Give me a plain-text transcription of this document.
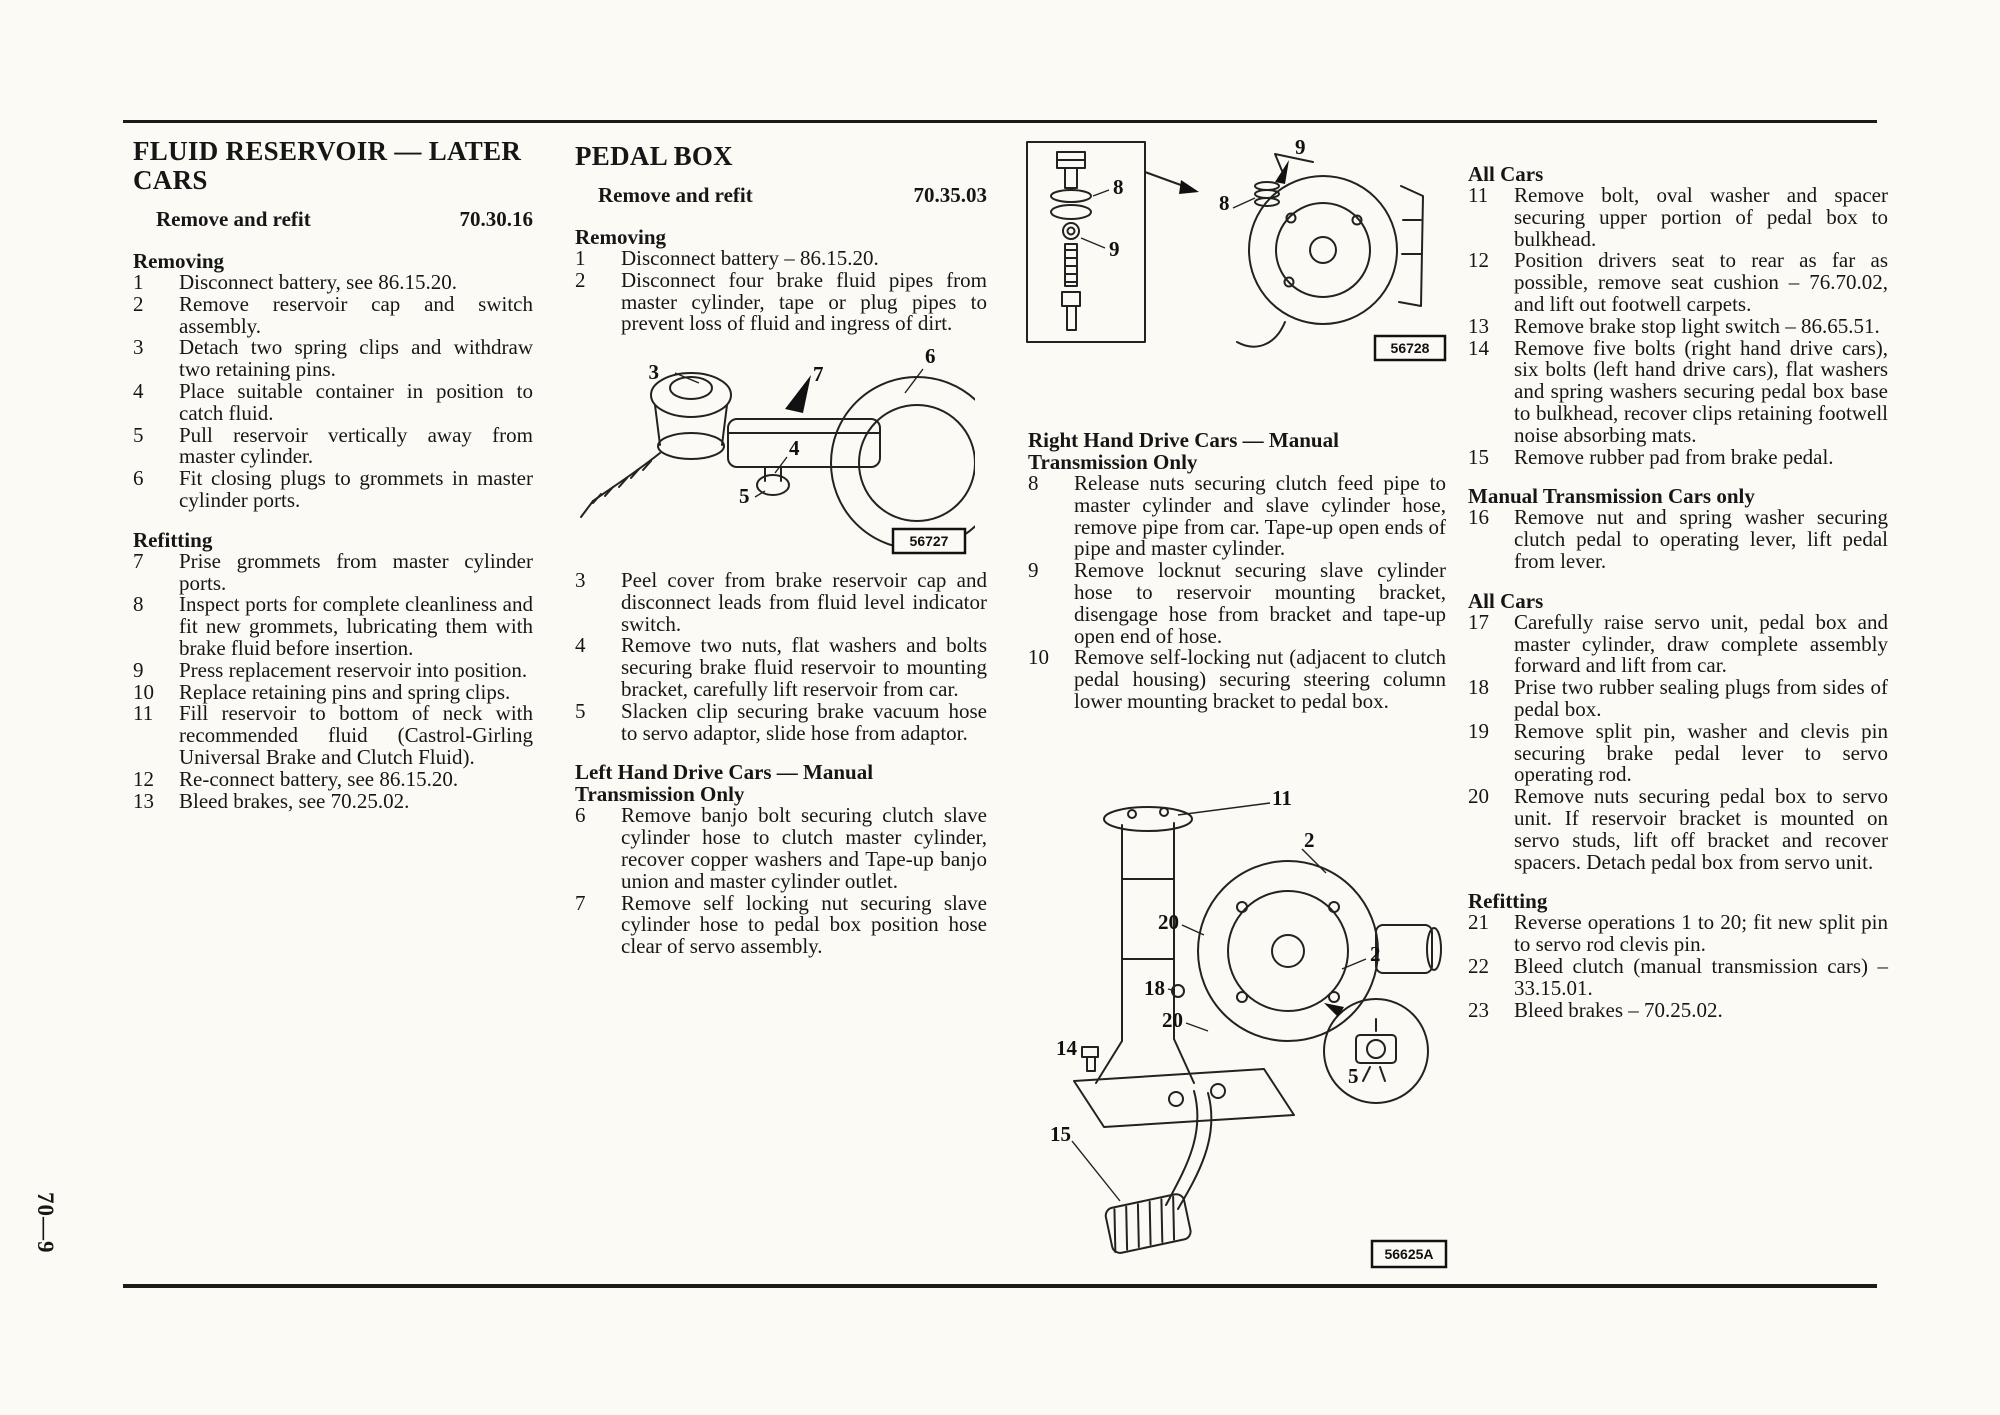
FLUID RESERVOIR — LATER CARS
Remove and refit	70.30.16
Removing
1	Disconnect battery, see 86.15.20.
2	Remove reservoir cap and switch assembly.
3	Detach two spring clips and withdraw two retaining pins.
4	Place suitable container in position to catch fluid.
5	Pull reservoir vertically away from master cylinder.
6	Fit closing plugs to grommets in master cylinder ports.
Refitting
7	Prise grommets from master cylinder ports.
8	Inspect ports for complete cleanliness and fit new grommets, lubricating them with brake fluid before insertion.
9	Press replacement reservoir into position.
10	Replace retaining pins and spring clips.
11	Fill reservoir to bottom of neck with recommended fluid (Castrol-Girling Universal Brake and Clutch Fluid).
12	Re-connect battery, see 86.15.20.
13	Bleed brakes, see 70.25.02.
PEDAL BOX
Remove and refit	70.35.03
Removing
1	Disconnect battery – 86.15.20.
2	Disconnect four brake fluid pipes from master cylinder, tape or plug pipes to prevent loss of fluid and ingress of dirt.
3	Peel cover from brake reservoir cap and disconnect leads from fluid level indicator switch.
4	Remove two nuts, flat washers and bolts securing brake fluid reservoir to mounting bracket, carefully lift reservoir from car.
5	Slacken clip securing brake vacuum hose to servo adaptor, slide hose from adaptor.
Left Hand Drive Cars — Manual Transmission Only
6	Remove banjo bolt securing clutch slave cylinder hose to clutch master cylinder, recover copper washers and Tape-up banjo union and master cylinder outlet.
7	Remove self locking nut securing slave cylinder hose to pedal box position hose clear of servo assembly.
Right Hand Drive Cars — Manual Transmission Only
8	Release nuts securing clutch feed pipe to master cylinder and slave cylinder hose, remove pipe from car. Tape-up open ends of pipe and master cylinder.
9	Remove locknut securing slave cylinder hose to reservoir mounting bracket, disengage hose from bracket and tape-up open end of hose.
10	Remove self-locking nut (adjacent to clutch pedal housing) securing steering column lower mounting bracket to pedal box.
All Cars
11	Remove bolt, oval washer and spacer securing upper portion of pedal box to bulkhead.
12	Position drivers seat to rear as far as possible, remove seat cushion – 76.70.02, and lift out footwell carpets.
13	Remove brake stop light switch – 86.65.51.
14	Remove five bolts (right hand drive cars), six bolts (left hand drive cars), flat washers and spring washers securing pedal box base to bulkhead, recover clips retaining footwell noise absorbing mats.
15	Remove rubber pad from brake pedal.
Manual Transmission Cars only
16	Remove nut and spring washer securing clutch pedal to operating lever, lift pedal from lever.
All Cars
17	Carefully raise servo unit, pedal box and master cylinder, draw complete assembly forward and lift from car.
18	Prise two rubber sealing plugs from sides of pedal box.
19	Remove split pin, washer and clevis pin securing brake pedal lever to servo operating rod.
20	Remove nuts securing pedal box to servo unit. If reservoir bracket is mounted on servo studs, lift off bracket and recover spacers. Detach pedal box from servo unit.
Refitting
21	Reverse operations 1 to 20; fit new split pin to servo rod clevis pin.
22	Bleed clutch (manual transmission cars) – 33.15.01.
23	Bleed brakes – 70.25.02.
3	7
6
4
5
56727
8
9
9
8
56728
11
2
20
18
2
20
14
5
15
56625A
70—9
